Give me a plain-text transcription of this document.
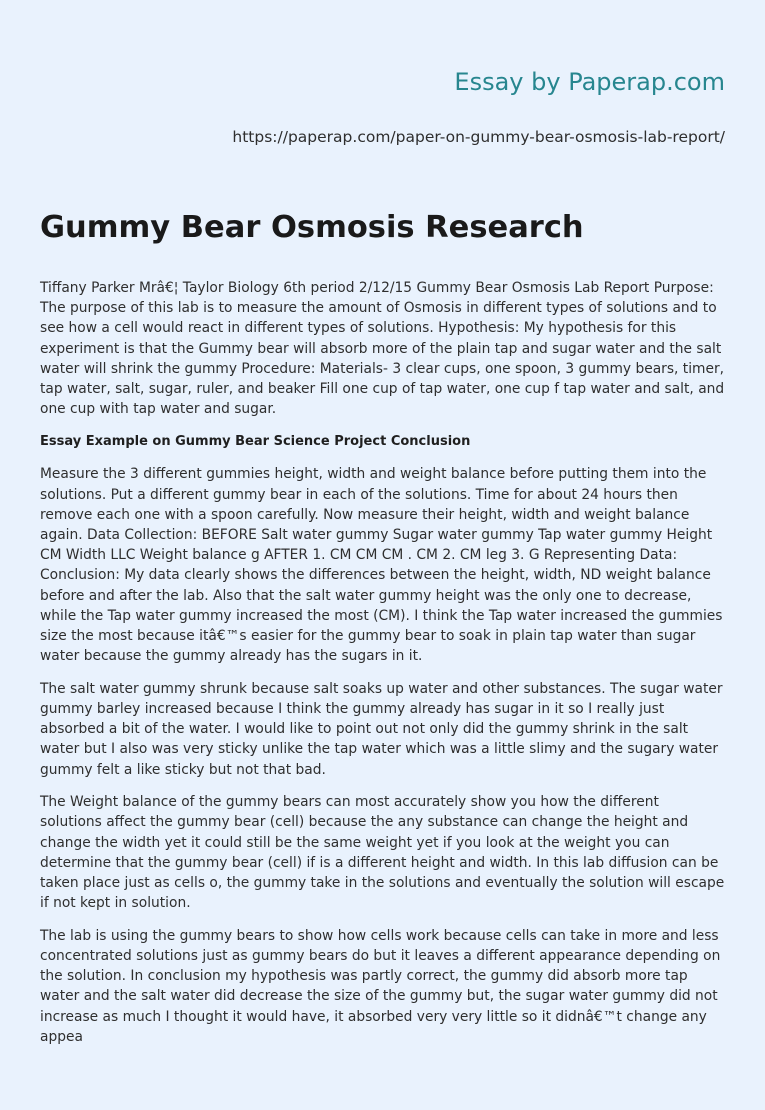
Essay by Paperap.com
https://paperap.com/paper-on-gummy-bear-osmosis-lab-report/
Gummy Bear Osmosis Research

Tiffany Parker Mrâ€¦ Taylor Biology 6th period 2/12/15 Gummy Bear Osmosis Lab Report Purpose: The purpose of this lab is to measure the amount of Osmosis in different types of solutions and to see how a cell would react in different types of solutions. Hypothesis: My hypothesis for this experiment is that the Gummy bear will absorb more of the plain tap and sugar water and the salt water will shrink the gummy Procedure: Materials- 3 clear cups, one spoon, 3 gummy bears, timer, tap water, salt, sugar, ruler, and beaker Fill one cup of tap water, one cup f tap water and salt, and one cup with tap water and sugar.

Essay Example on Gummy Bear Science Project Conclusion

Measure the 3 different gummies height, width and weight balance before putting them into the solutions. Put a different gummy bear in each of the solutions. Time for about 24 hours then remove each one with a spoon carefully. Now measure their height, width and weight balance again. Data Collection: BEFORE Salt water gummy Sugar water gummy Tap water gummy Height CM Width LLC Weight balance g AFTER 1. CM CM CM . CM 2. CM leg 3. G Representing Data: Conclusion: My data clearly shows the differences between the height, width, ND weight balance before and after the lab. Also that the salt water gummy height was the only one to decrease, while the Tap water gummy increased the most (CM). I think the Tap water increased the gummies size the most because itâ€™s easier for the gummy bear to soak in plain tap water than sugar water because the gummy already has the sugars in it.

The salt water gummy shrunk because salt soaks up water and other substances. The sugar water gummy barley increased because I think the gummy already has sugar in it so I really just absorbed a bit of the water. I would like to point out not only did the gummy shrink in the salt water but I also was very sticky unlike the tap water which was a little slimy and the sugary water gummy felt a like sticky but not that bad.

The Weight balance of the gummy bears can most accurately show you how the different solutions affect the gummy bear (cell) because the any substance can change the height and change the width yet it could still be the same weight yet if you look at the weight you can determine that the gummy bear (cell) if is a different height and width. In this lab diffusion can be taken place just as cells o, the gummy take in the solutions and eventually the solution will escape if not kept in solution.

The lab is using the gummy bears to show how cells work because cells can take in more and less concentrated solutions just as gummy bears do but it leaves a different appearance depending on the solution. In conclusion my hypothesis was partly correct, the gummy did absorb more tap water and the salt water did decrease the size of the gummy but, the sugar water gummy did not increase as much I thought it would have, it absorbed very very little so it didnâ€™t change any appea
